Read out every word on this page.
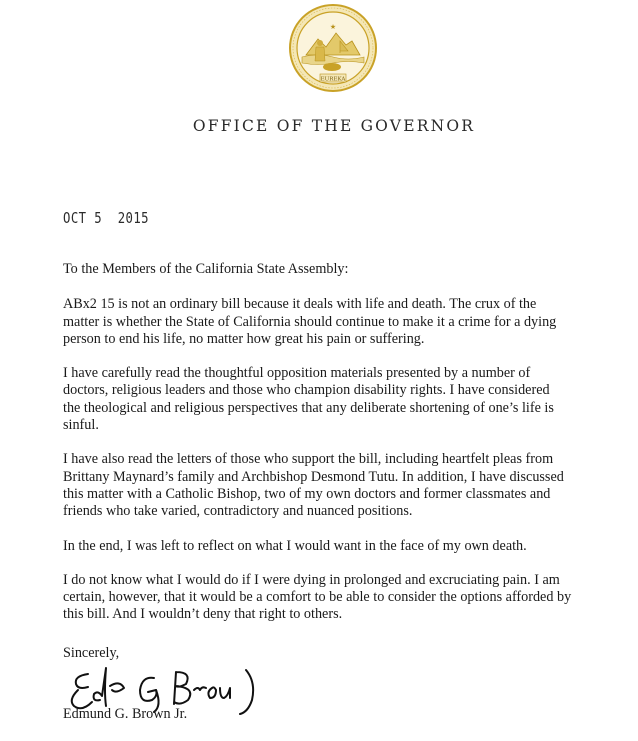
★
EUREKA
OFFICE OF THE GOVERNOR
OCT 5  2015

To the Members of the California State Assembly:

ABx2 15 is not an ordinary bill because it deals with life and death. The crux of the
matter is whether the State of California should continue to make it a crime for a dying
person to end his life, no matter how great his pain or suffering.

I have carefully read the thoughtful opposition materials presented by a number of
doctors, religious leaders and those who champion disability rights. I have considered
the theological and religious perspectives that any deliberate shortening of one’s life is
sinful.

I have also read the letters of those who support the bill, including heartfelt pleas from
Brittany Maynard’s family and Archbishop Desmond Tutu. In addition, I have discussed
this matter with a Catholic Bishop, two of my own doctors and former classmates and
friends who take varied, contradictory and nuanced positions.

In the end, I was left to reflect on what I would want in the face of my own death.

I do not know what I would do if I were dying in prolonged and excruciating pain. I am
certain, however, that it would be a comfort to be able to consider the options afforded by
this bill. And I wouldn’t deny that right to others.

Sincerely,
Edmund G. Brown Jr.
